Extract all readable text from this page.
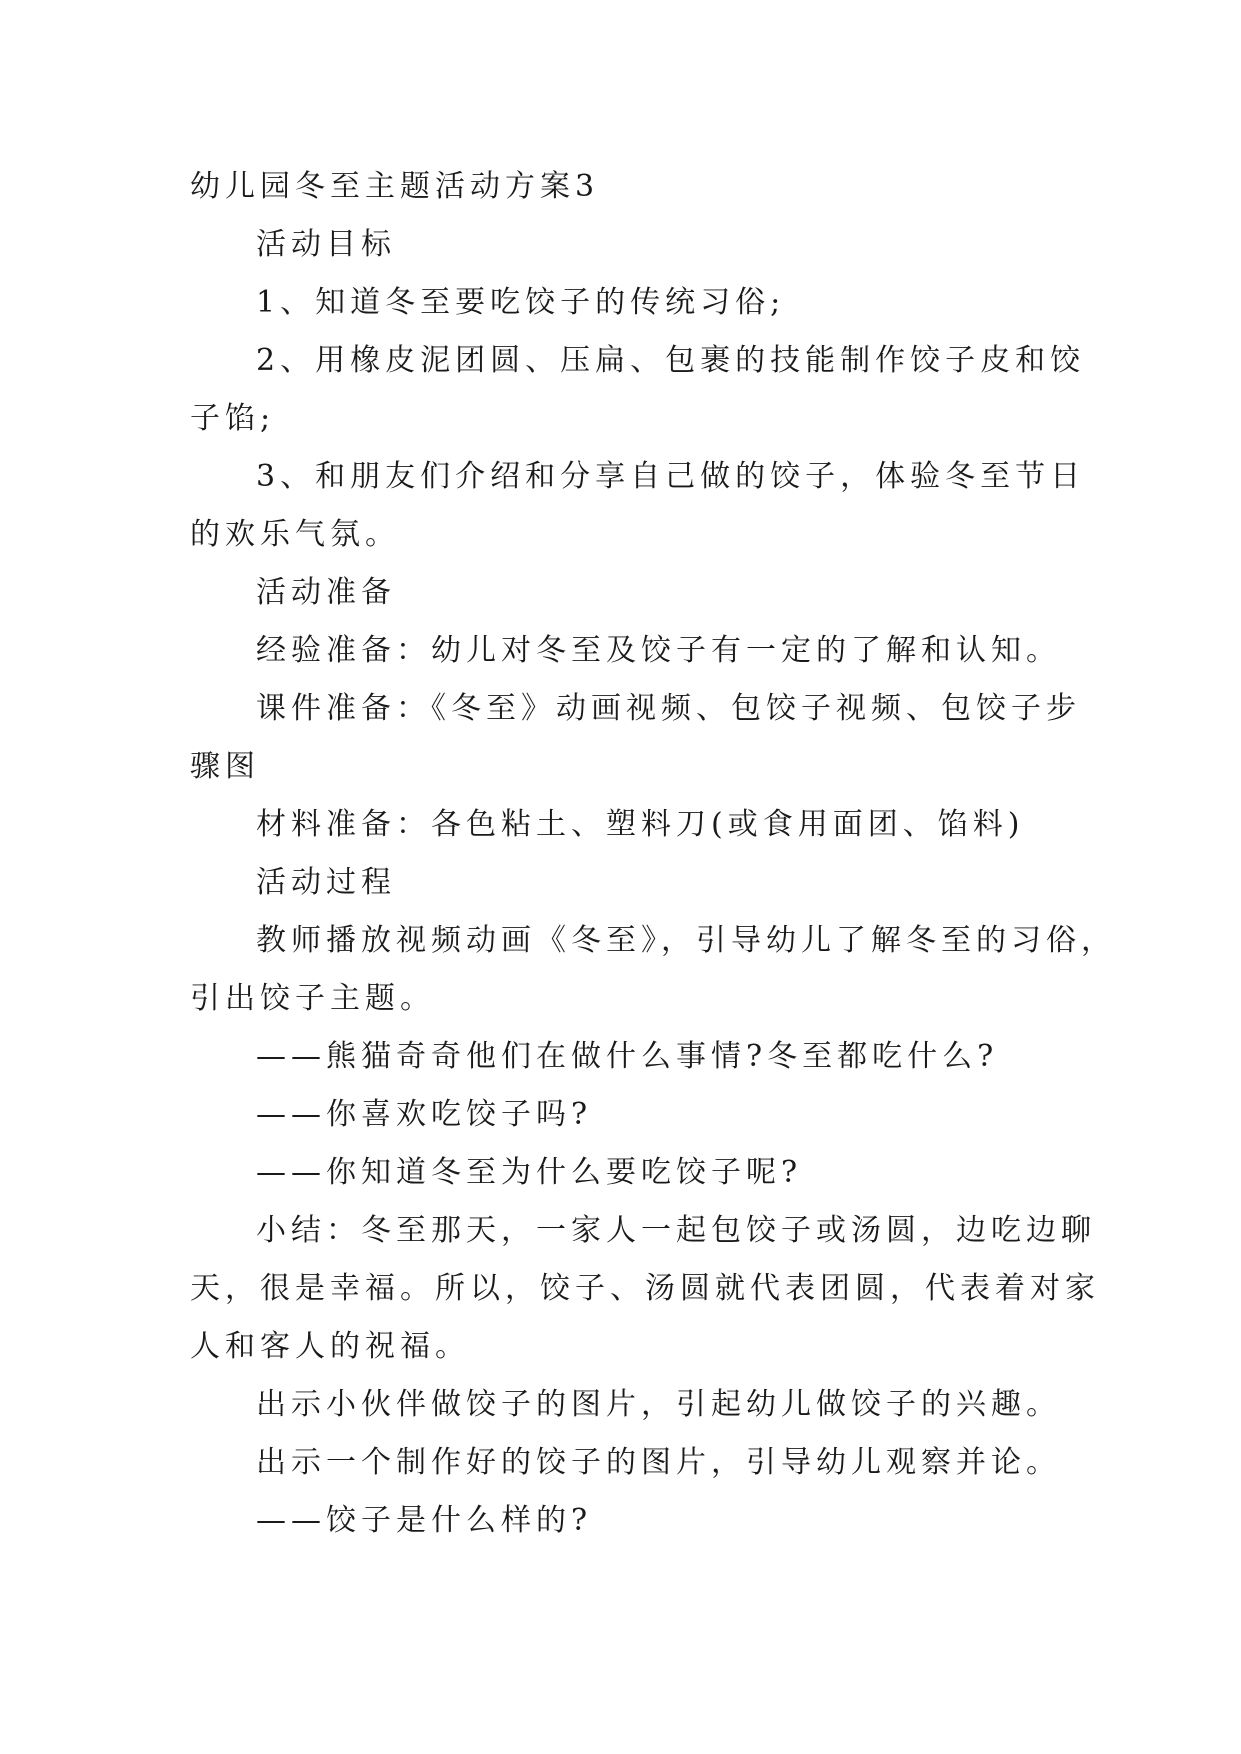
幼儿园冬至主题活动方案3

活动目标

1、知道冬至要吃饺子的传统习俗;

2、用橡皮泥团圆、压扁、包裹的技能制作饺子皮和饺

子馅;

3、和朋友们介绍和分享自己做的饺子，体验冬至节日

的欢乐气氛。

活动准备

经验准备：幼儿对冬至及饺子有一定的了解和认知。

课件准备：《冬至》动画视频、包饺子视频、包饺子步

骤图

材料准备：各色粘土、塑料刀(或食用面团、馅料)

活动过程

教师播放视频动画《冬至》，引导幼儿了解冬至的习俗，

引出饺子主题。

——熊猫奇奇他们在做什么事情?冬至都吃什么?

——你喜欢吃饺子吗?

——你知道冬至为什么要吃饺子呢?

小结：冬至那天，一家人一起包饺子或汤圆，边吃边聊

天，很是幸福。所以，饺子、汤圆就代表团圆，代表着对家

人和客人的祝福。

出示小伙伴做饺子的图片，引起幼儿做饺子的兴趣。

出示一个制作好的饺子的图片，引导幼儿观察并论。

——饺子是什么样的?
